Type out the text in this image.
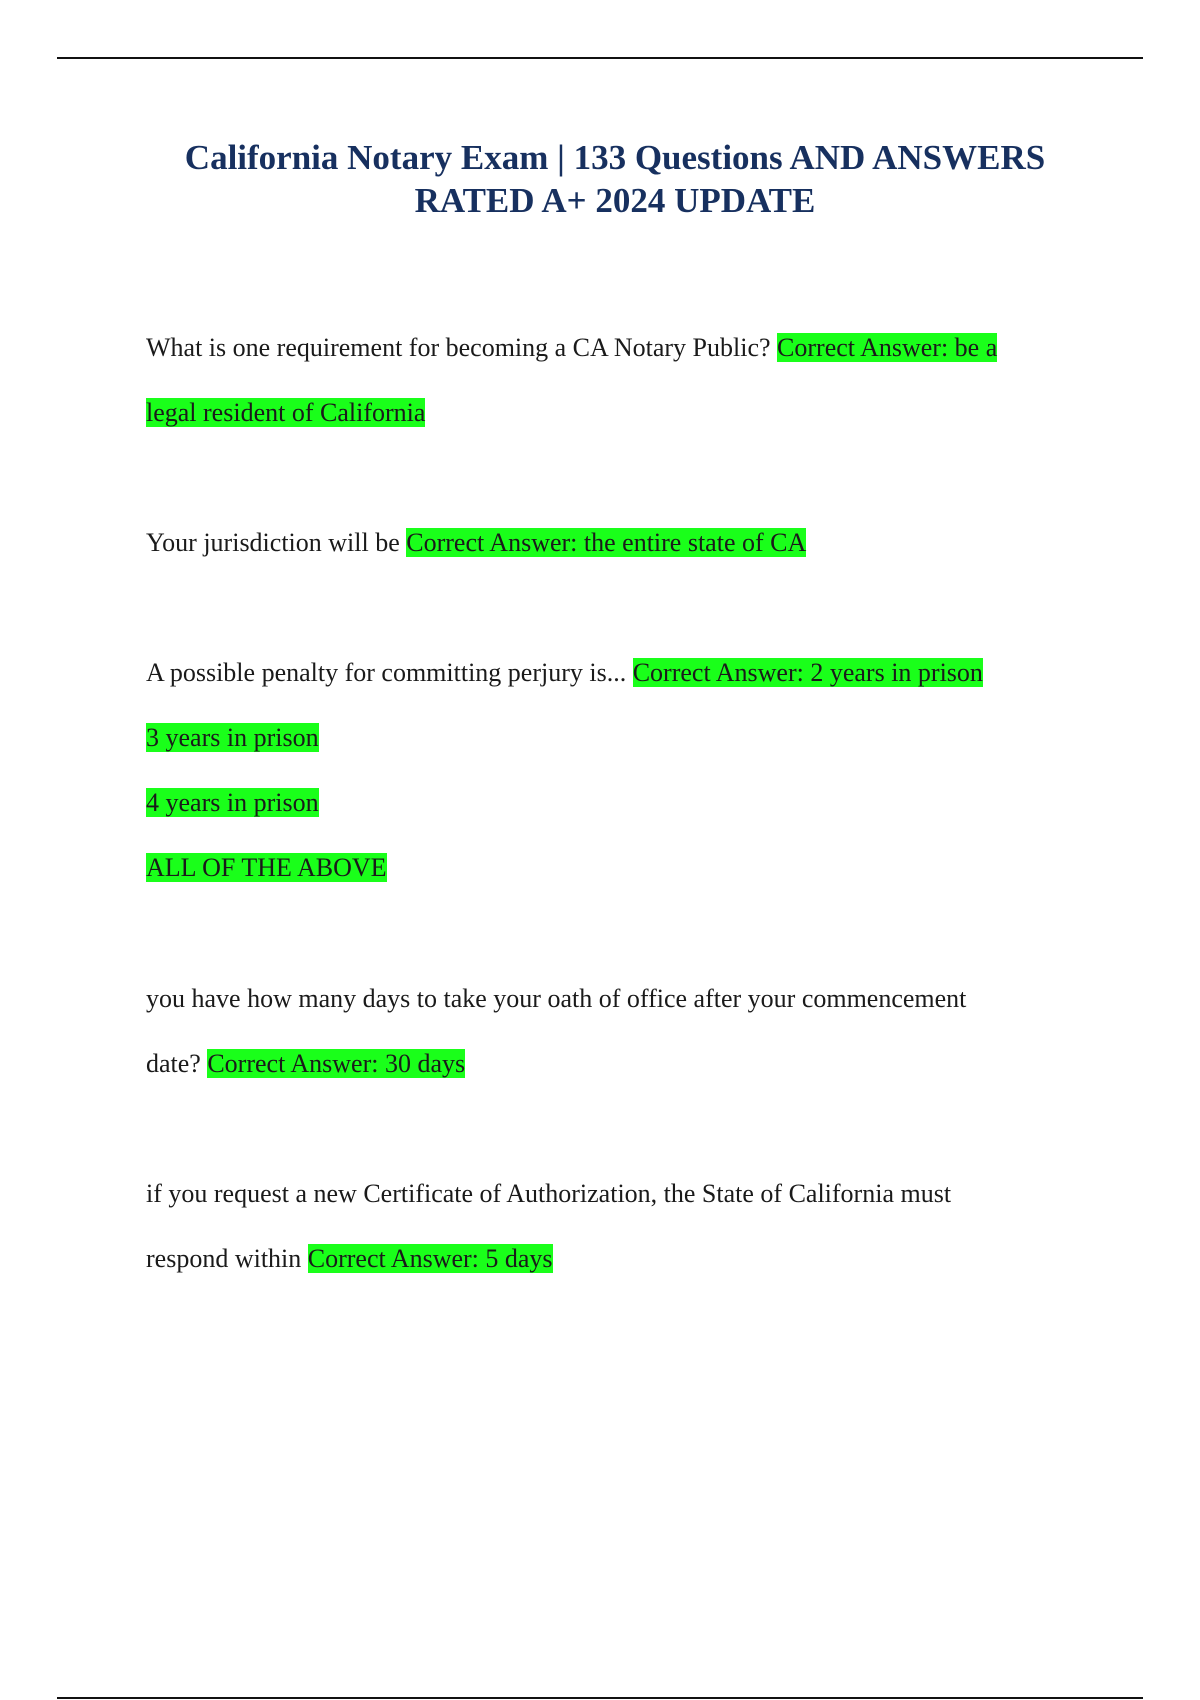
California Notary Exam | 133 Questions AND ANSWERS
RATED A+ 2024 UPDATE
What is one requirement for becoming a CA Notary Public? Correct Answer: be a
legal resident of California
Your jurisdiction will be Correct Answer: the entire state of CA
A possible penalty for committing perjury is... Correct Answer: 2 years in prison
3 years in prison
4 years in prison
ALL OF THE ABOVE
you have how many days to take your oath of office after your commencement
date? Correct Answer: 30 days
if you request a new Certificate of Authorization, the State of California must
respond within Correct Answer: 5 days
